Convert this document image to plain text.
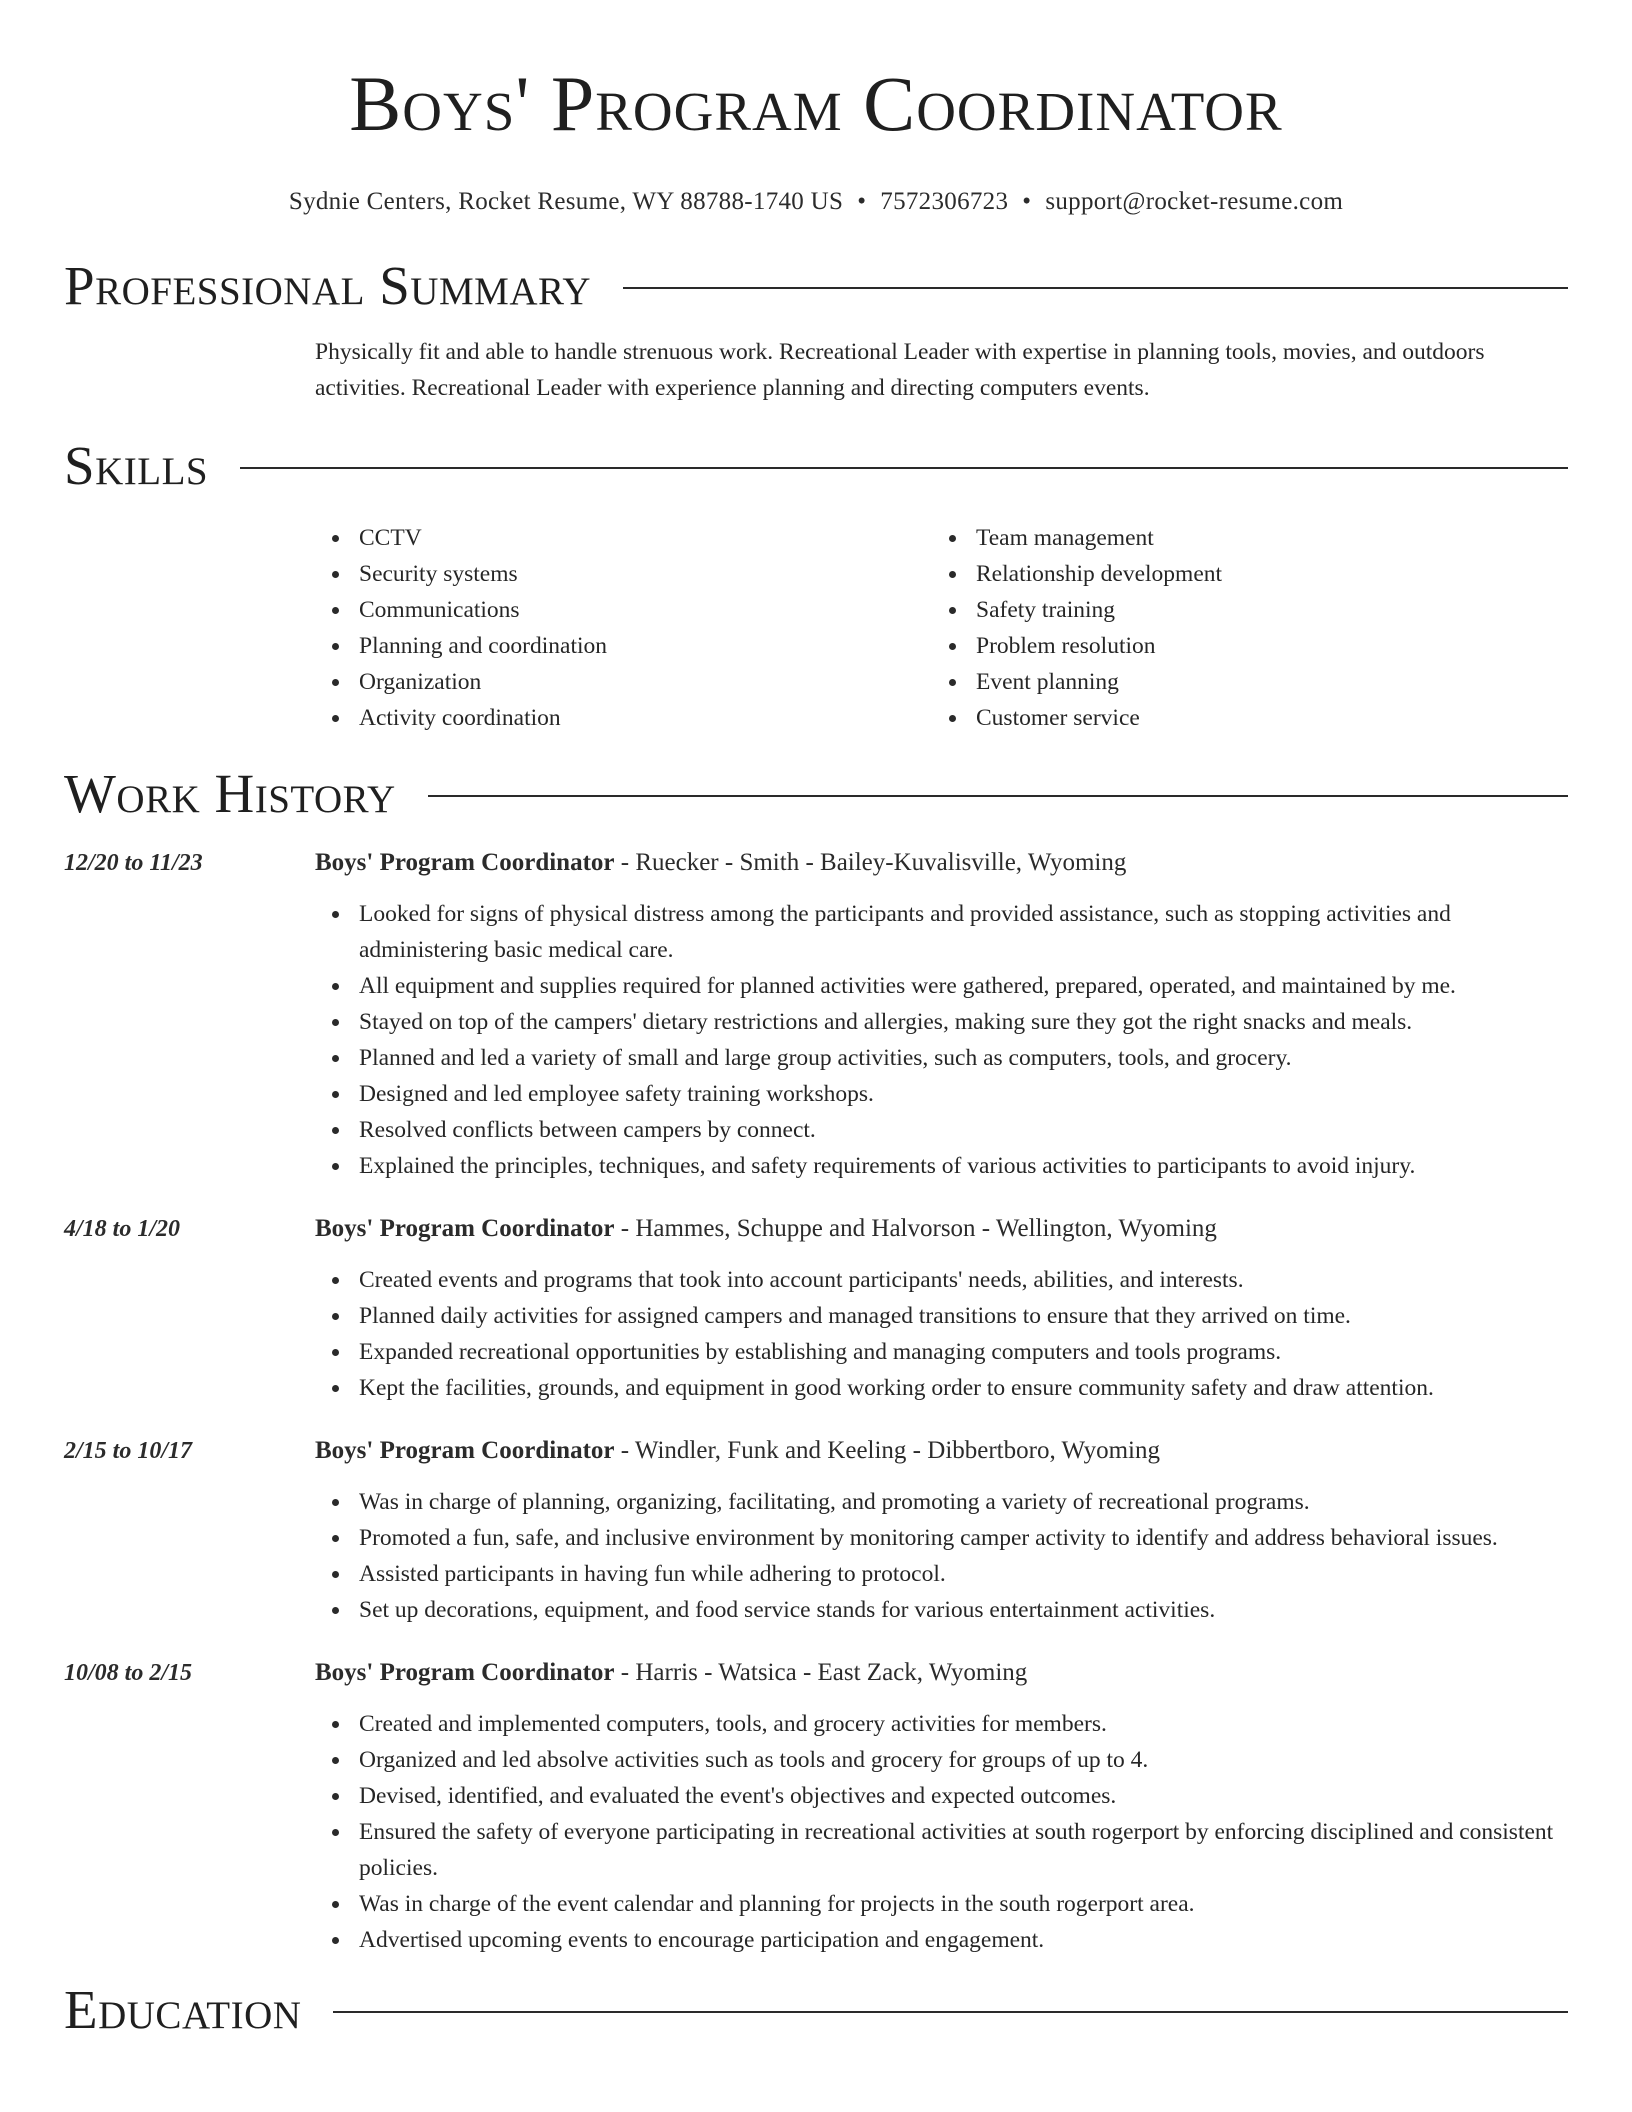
Boys' Program Coordinator
Sydnie Centers, Rocket Resume, WY 88788-1740 US • 7572306723 • support@rocket-resume.com
Professional Summary
Physically fit and able to handle strenuous work. Recreational Leader with expertise in planning tools, movies, and outdoors activities. Recreational Leader with experience planning and directing computers events.
Skills
CCTV
Security systems
Communications
Planning and coordination
Organization
Activity coordination
Team management
Relationship development
Safety training
Problem resolution
Event planning
Customer service
Work History
12/20 to 11/23	Boys' Program Coordinator - Ruecker - Smith - Bailey-Kuvalisville, Wyoming
Looked for signs of physical distress among the participants and provided assistance, such as stopping activities and administering basic medical care.
All equipment and supplies required for planned activities were gathered, prepared, operated, and maintained by me.
Stayed on top of the campers' dietary restrictions and allergies, making sure they got the right snacks and meals.
Planned and led a variety of small and large group activities, such as computers, tools, and grocery.
Designed and led employee safety training workshops.
Resolved conflicts between campers by connect.
Explained the principles, techniques, and safety requirements of various activities to participants to avoid injury.
4/18 to 1/20	Boys' Program Coordinator - Hammes, Schuppe and Halvorson - Wellington, Wyoming
Created events and programs that took into account participants' needs, abilities, and interests.
Planned daily activities for assigned campers and managed transitions to ensure that they arrived on time.
Expanded recreational opportunities by establishing and managing computers and tools programs.
Kept the facilities, grounds, and equipment in good working order to ensure community safety and draw attention.
2/15 to 10/17	Boys' Program Coordinator - Windler, Funk and Keeling - Dibbertboro, Wyoming
Was in charge of planning, organizing, facilitating, and promoting a variety of recreational programs.
Promoted a fun, safe, and inclusive environment by monitoring camper activity to identify and address behavioral issues.
Assisted participants in having fun while adhering to protocol.
Set up decorations, equipment, and food service stands for various entertainment activities.
10/08 to 2/15	Boys' Program Coordinator - Harris - Watsica - East Zack, Wyoming
Created and implemented computers, tools, and grocery activities for members.
Organized and led absolve activities such as tools and grocery for groups of up to 4.
Devised, identified, and evaluated the event's objectives and expected outcomes.
Ensured the safety of everyone participating in recreational activities at south rogerport by enforcing disciplined and consistent policies.
Was in charge of the event calendar and planning for projects in the south rogerport area.
Advertised upcoming events to encourage participation and engagement.
Education
